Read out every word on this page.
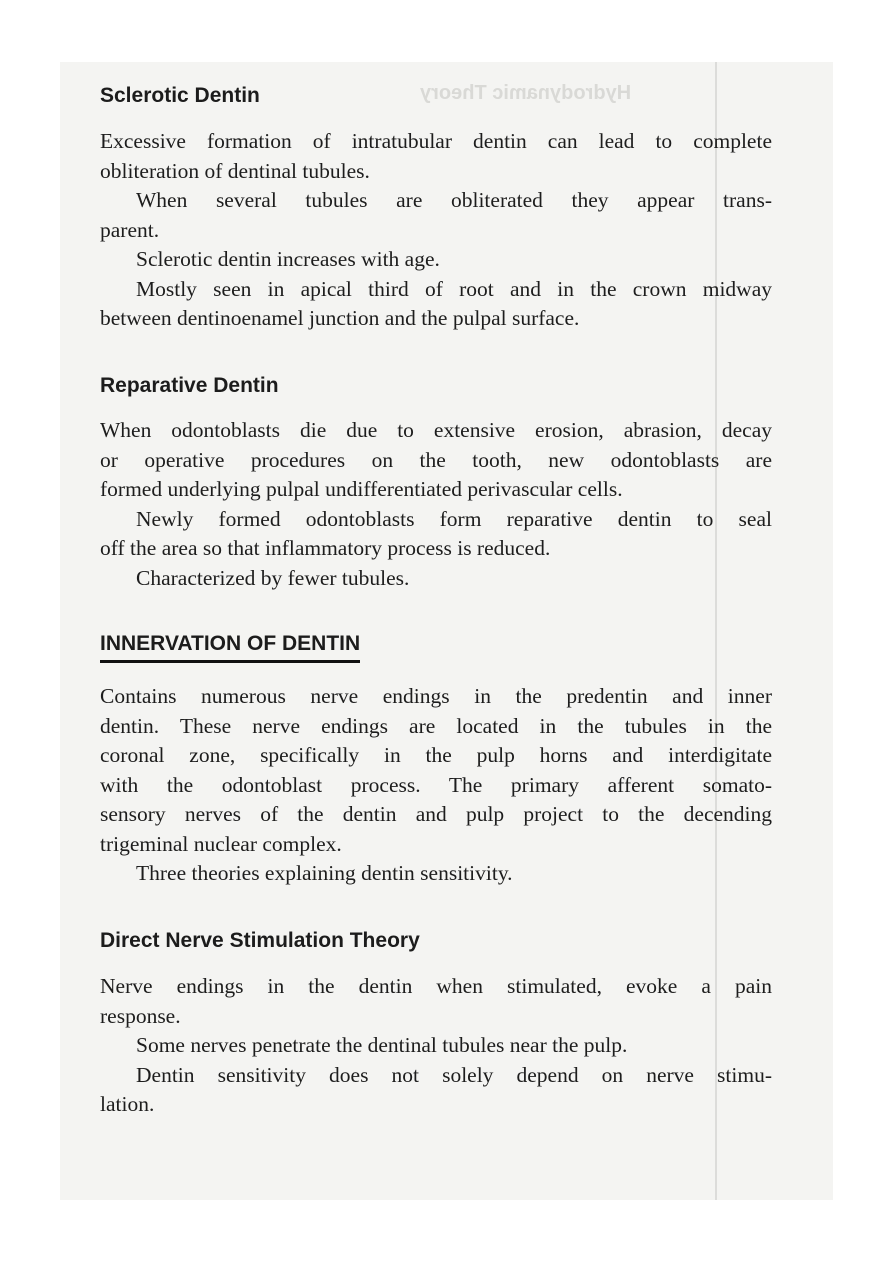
Hydrodynamic Theory
Sclerotic Dentin
Excessive formation of intratubular dentin can lead to complete
obliteration of dentinal tubules.
When several tubules are obliterated they appear trans-
parent.
Sclerotic dentin increases with age.
Mostly seen in apical third of root and in the crown midway
between dentinoenamel junction and the pulpal surface.
Reparative Dentin
When odontoblasts die due to extensive erosion, abrasion, decay
or operative procedures on the tooth, new odontoblasts are
formed underlying pulpal undifferentiated perivascular cells.
Newly formed odontoblasts form reparative dentin to seal
off the area so that inflammatory process is reduced.
Characterized by fewer tubules.
INNERVATION OF DENTIN
Contains numerous nerve endings in the predentin and inner
dentin. These nerve endings are located in the tubules in the
coronal zone, specifically in the pulp horns and interdigitate
with the odontoblast process. The primary afferent somato-
sensory nerves of the dentin and pulp project to the decending
trigeminal nuclear complex.
Three theories explaining dentin sensitivity.
Direct Nerve Stimulation Theory
Nerve endings in the dentin when stimulated, evoke a pain
response.
Some nerves penetrate the dentinal tubules near the pulp.
Dentin sensitivity does not solely depend on nerve stimu-
lation.
